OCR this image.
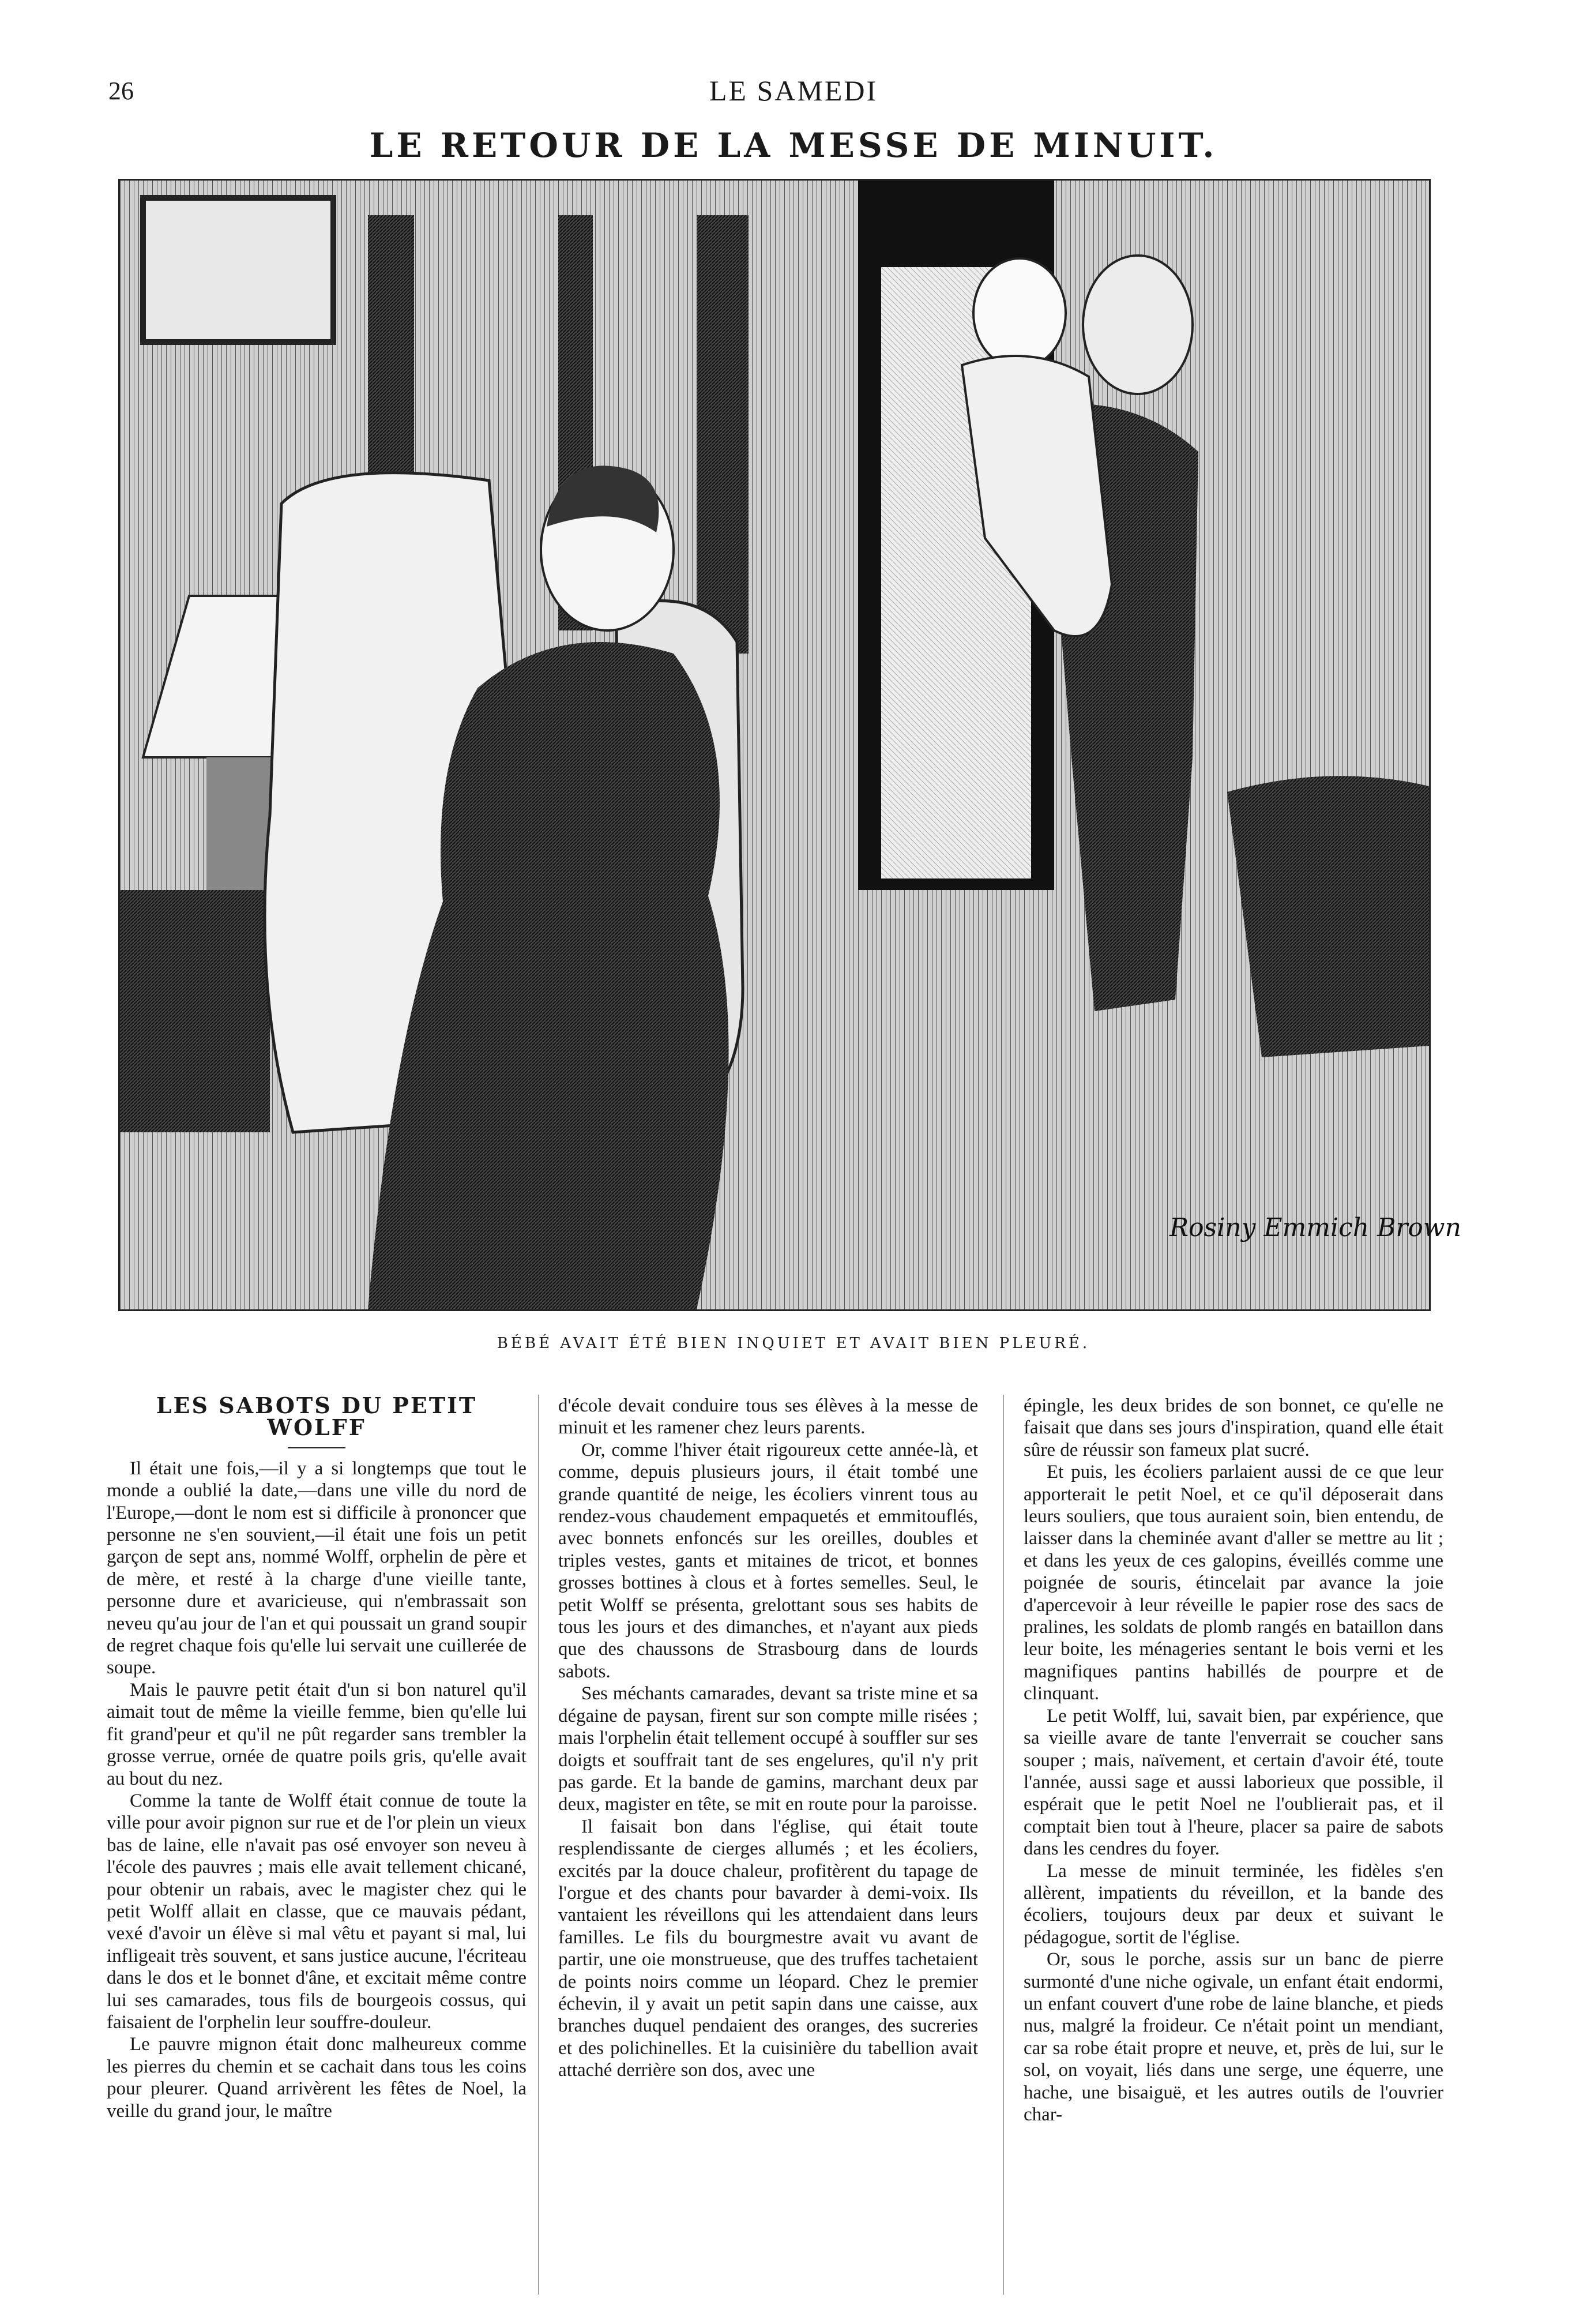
26	LE SAMEDI
LE RETOUR DE LA MESSE DE MINUIT.
Rosiny Emmich Brown
BÉBÉ AVAIT ÉTÉ BIEN INQUIET ET AVAIT BIEN PLEURÉ.
LES SABOTS DU PETIT WOLFF

Il était une fois,—il y a si longtemps que tout le monde a oublié la date,—dans une ville du nord de l'Europe,—dont le nom est si difficile à prononcer que personne ne s'en souvient,—il était une fois un petit garçon de sept ans, nommé Wolff, orphelin de père et de mère, et resté à la charge d'une vieille tante, personne dure et avaricieuse, qui n'embrassait son neveu qu'au jour de l'an et qui poussait un grand soupir de regret chaque fois qu'elle lui servait une cuillerée de soupe.

Mais le pauvre petit était d'un si bon naturel qu'il aimait tout de même la vieille femme, bien qu'elle lui fit grand'peur et qu'il ne pût regarder sans trembler la grosse verrue, ornée de quatre poils gris, qu'elle avait au bout du nez.

Comme la tante de Wolff était connue de toute la ville pour avoir pignon sur rue et de l'or plein un vieux bas de laine, elle n'avait pas osé envoyer son neveu à l'école des pauvres ; mais elle avait tellement chicané, pour obtenir un rabais, avec le magister chez qui le petit Wolff allait en classe, que ce mauvais pédant, vexé d'avoir un élève si mal vêtu et payant si mal, lui infligeait très souvent, et sans justice aucune, l'écriteau dans le dos et le bonnet d'âne, et excitait même contre lui ses camarades, tous fils de bourgeois cossus, qui faisaient de l'orphelin leur souffre-douleur.

Le pauvre mignon était donc malheureux comme les pierres du chemin et se cachait dans tous les coins pour pleurer. Quand arrivèrent les fêtes de Noel, la veille du grand jour, le maître

d'école devait conduire tous ses élèves à la messe de minuit et les ramener chez leurs parents.

Or, comme l'hiver était rigoureux cette année-là, et comme, depuis plusieurs jours, il était tombé une grande quantité de neige, les écoliers vinrent tous au rendez-vous chaudement empaquetés et emmitouflés, avec bonnets enfoncés sur les oreilles, doubles et triples vestes, gants et mitaines de tricot, et bonnes grosses bottines à clous et à fortes semelles. Seul, le petit Wolff se présenta, grelottant sous ses habits de tous les jours et des dimanches, et n'ayant aux pieds que des chaussons de Strasbourg dans de lourds sabots.

Ses méchants camarades, devant sa triste mine et sa dégaine de paysan, firent sur son compte mille risées ; mais l'orphelin était tellement occupé à souffler sur ses doigts et souffrait tant de ses engelures, qu'il n'y prit pas garde. Et la bande de gamins, marchant deux par deux, magister en tête, se mit en route pour la paroisse.

Il faisait bon dans l'église, qui était toute resplendissante de cierges allumés ; et les écoliers, excités par la douce chaleur, profitèrent du tapage de l'orgue et des chants pour bavarder à demi-voix. Ils vantaient les réveillons qui les attendaient dans leurs familles. Le fils du bourgmestre avait vu avant de partir, une oie monstrueuse, que des truffes tachetaient de points noirs comme un léopard. Chez le premier échevin, il y avait un petit sapin dans une caisse, aux branches duquel pendaient des oranges, des sucreries et des polichinelles. Et la cuisinière du tabellion avait attaché derrière son dos, avec une

épingle, les deux brides de son bonnet, ce qu'elle ne faisait que dans ses jours d'inspiration, quand elle était sûre de réussir son fameux plat sucré.

Et puis, les écoliers parlaient aussi de ce que leur apporterait le petit Noel, et ce qu'il déposerait dans leurs souliers, que tous auraient soin, bien entendu, de laisser dans la cheminée avant d'aller se mettre au lit ; et dans les yeux de ces galopins, éveillés comme une poignée de souris, étincelait par avance la joie d'apercevoir à leur réveille le papier rose des sacs de pralines, les soldats de plomb rangés en bataillon dans leur boite, les ménageries sentant le bois verni et les magnifiques pantins habillés de pourpre et de clinquant.

Le petit Wolff, lui, savait bien, par expérience, que sa vieille avare de tante l'enverrait se coucher sans souper ; mais, naïvement, et certain d'avoir été, toute l'année, aussi sage et aussi laborieux que possible, il espérait que le petit Noel ne l'oublierait pas, et il comptait bien tout à l'heure, placer sa paire de sabots dans les cendres du foyer.

La messe de minuit terminée, les fidèles s'en allèrent, impatients du réveillon, et la bande des écoliers, toujours deux par deux et suivant le pédagogue, sortit de l'église.

Or, sous le porche, assis sur un banc de pierre surmonté d'une niche ogivale, un enfant était endormi, un enfant couvert d'une robe de laine blanche, et pieds nus, malgré la froideur. Ce n'était point un mendiant, car sa robe était propre et neuve, et, près de lui, sur le sol, on voyait, liés dans une serge, une équerre, une hache, une bisaiguë, et les autres outils de l'ouvrier char-
